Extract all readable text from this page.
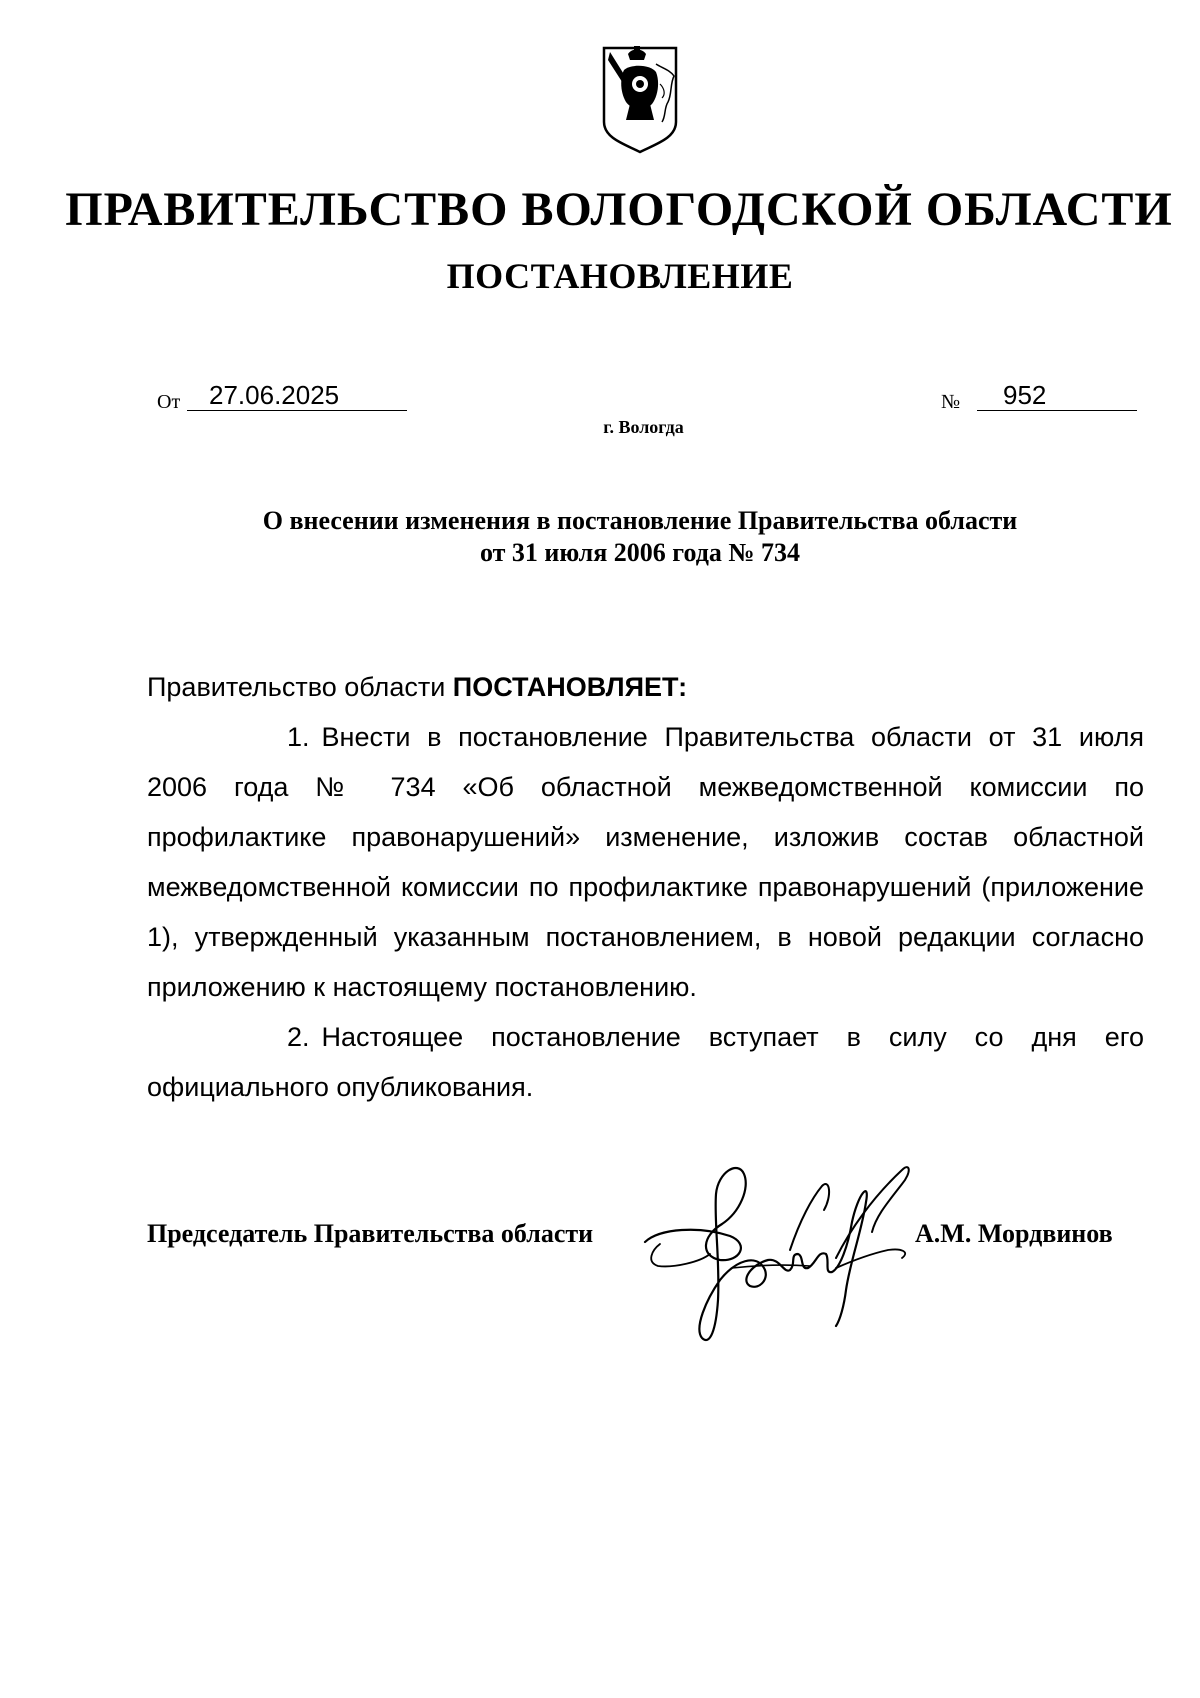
ПРАВИТЕЛЬСТВО ВОЛОГОДСКОЙ ОБЛАСТИ
ПОСТАНОВЛЕНИЕ
От 27.06.2025	№ 952

г. Вологда

О внесении изменения в постановление Правительства области
от 31 июля 2006 года № 734

Правительство области ПОСТАНОВЛЯЕТ:

1. Внести в постановление Правительства области от 31 июля 2006 года № 734 «Об областной межведомственной комиссии по профилактике правонарушений» изменение, изложив состав областной межведомственной комиссии по профилактике правонарушений (приложение 1), утвержденный указанным постановлением, в новой редакции согласно приложению к настоящему постановлению.

2. Настоящее постановление вступает в силу со дня его официального опубликования.

Председатель Правительства области	А.М. Мордвинов
